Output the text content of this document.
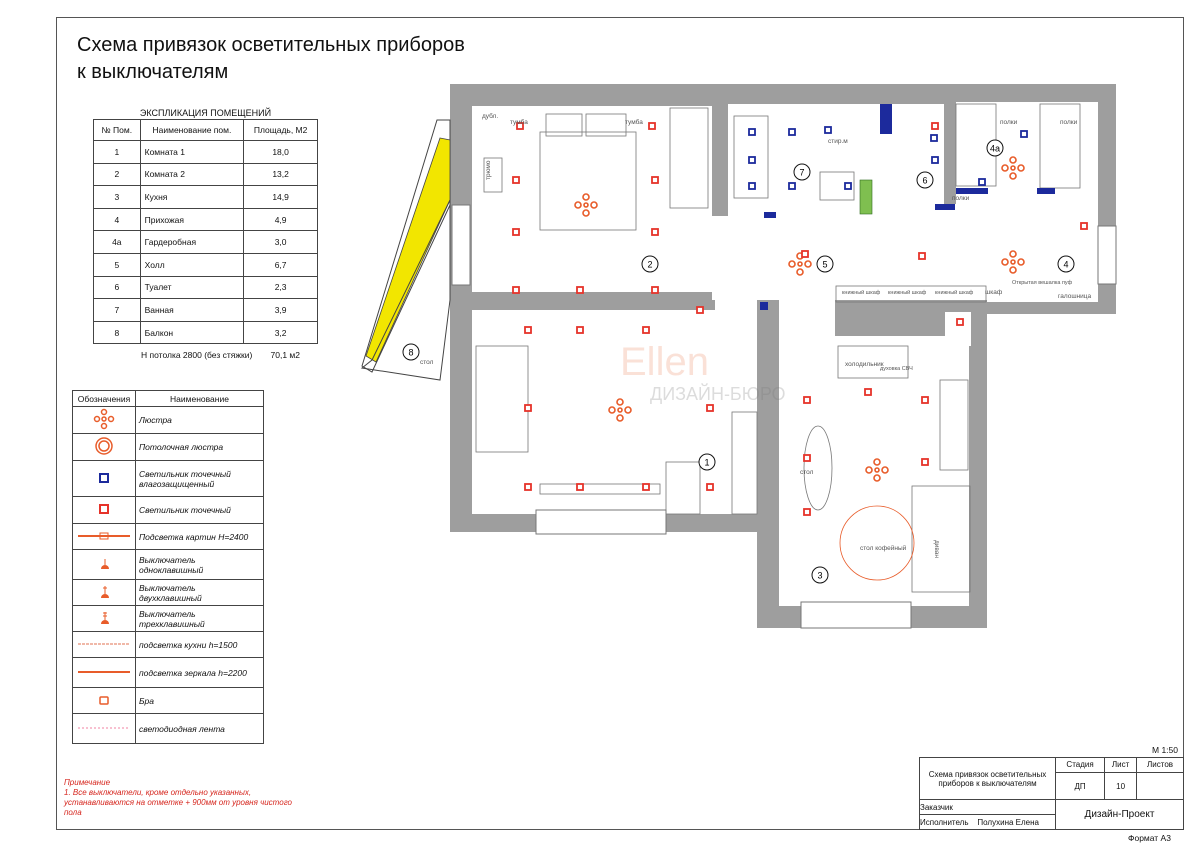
Схема привязок осветительных приборов к выключателям
ЭКСПЛИКАЦИЯ ПОМЕЩЕНИЙ
№ Пом.	Наименование пом.	Площадь, М2
1	Комната 1	18,0
2	Комната 2	13,2
3	Кухня	14,9
4	Прихожая	4,9
4а	Гардеробная	3,0
5	Холл	6,7
6	Туалет	2,3
7	Ванная	3,9
8	Балкон	3,2
Н потолка 2800 (без стяжки) 70,1 м2
Обозначения	Наименование
	Люстра
	Потолочная люстра
	Светильник точечный влагозащищенный
	Светильник точечный
	Подсветка картин Н=2400
	Выключатель одноклавишный
	Выключатель двухклавишный
	Выключатель трехклавишный
	подсветка кухни h=1500
	подсветка зеркала h=2200
	Бра
	светодиодная лента
Примечание
1. Все выключатели, кроме отдельно указанных, устанавливаются на отметке + 900мм от уровня чистого пола
Ellen
ДИЗАЙН-БЮРО
1
2
3
4
4а
5
6
7
8
дубл.
тумба	тумба
трюмо
полки	полки
полки
стир.м
книжный шкаф книжный шкаф книжный шкаф шкаф
Открытая вешалка пуф
галошница
холодильник
духовка СВЧ
стол
стол кофейный	диван
стол
М 1:50
Схема привязок осветительных приборов к выключателям	Стадия	Лист	Листов
	ДП	10	
Заказчик	Дизайн-Проект		
Исполнитель Полухина Елена			
Формат А3
